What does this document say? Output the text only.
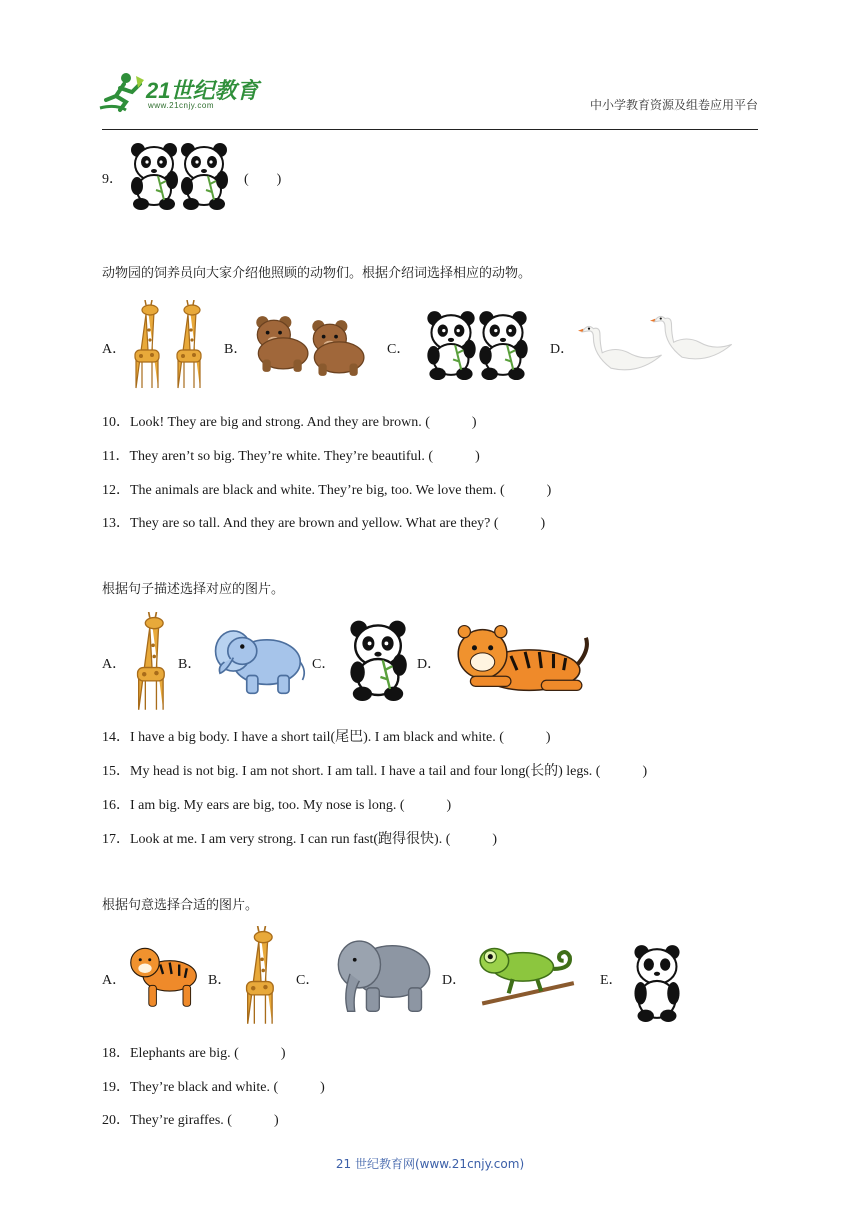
21世纪教育
www.21cnjy.com	中小学教育资源及组卷应用平台
9．	(　　)
动物园的饲养员向大家介绍他照顾的动物们。根据介绍词选择相应的动物。
A．	B．	C．	D．
10．Look! They are big and strong. And they are brown. (　　　)
11．They aren’t so big. They’re white. They’re beautiful. (　　　)
12．The animals are black and white. They’re big, too. We love them. (　　　)
13．They are so tall. And they are brown and yellow. What are they? (　　　)
根据句子描述选择对应的图片。
A．	B．	C．	D．
14．I have a big body. I have a short tail(尾巴). I am black and white. (　　　)
15．My head is not big. I am not short. I am tall. I have a tail and four long(长的) legs. (　　　)
16．I am big. My ears are big, too. My nose is long. (　　　)
17．Look at me. I am very strong. I can run fast(跑得很快). (　　　)
根据句意选择合适的图片。
A．	B．	C．	D．	E．
18．Elephants are big. (　　　)
19．They’re black and white. (　　　)
20．They’re giraffes. (　　　)
21 世纪教育网(www.21cnjy.com)
